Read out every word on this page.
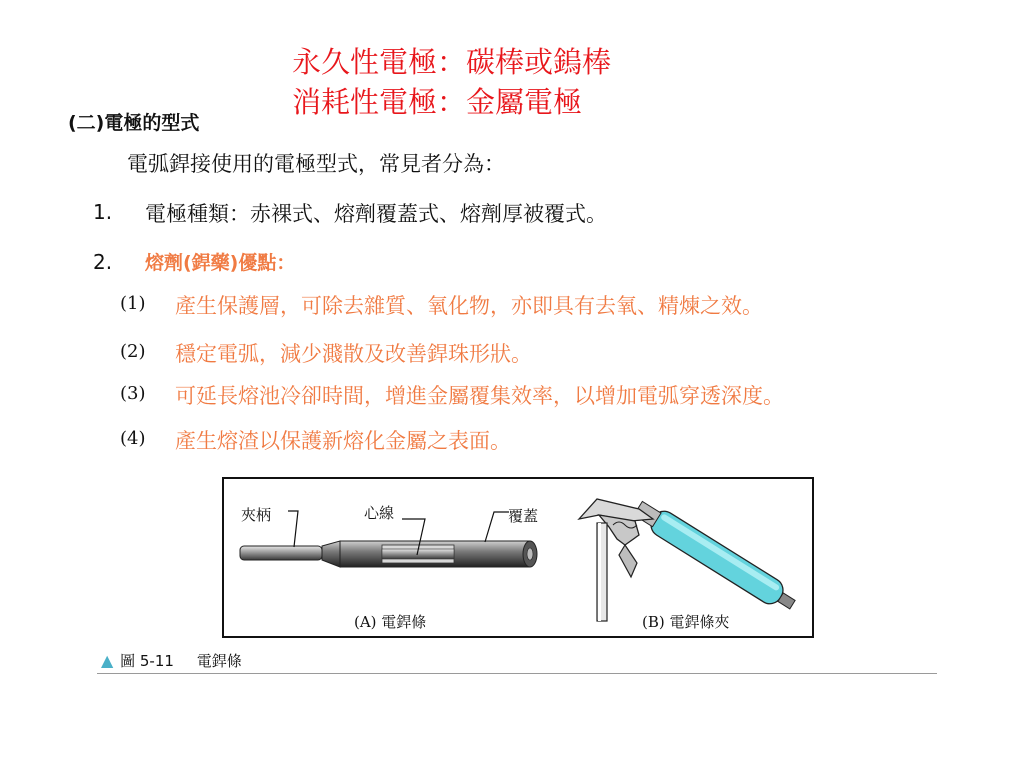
永久性電極：碳棒或鎢棒
消耗性電極：金屬電極
(二)電極的型式
電弧銲接使用的電極型式，常見者分為：
1. 電極種類：赤裸式、熔劑覆蓋式、熔劑厚被覆式。
2. 熔劑(銲藥)優點：
(1) 產生保護層，可除去雜質、氧化物，亦即具有去氧、精煉之效。
(2) 穩定電弧，減少濺散及改善銲珠形狀。
(3) 可延長熔池冷卻時間，增進金屬覆集效率，以增加電弧穿透深度。
(4) 產生熔渣以保護新熔化金屬之表面。
夾柄	心線	覆蓋
(A) 電銲條	(B) 電銲條夾
▲ 圖 5-11 電銲條
